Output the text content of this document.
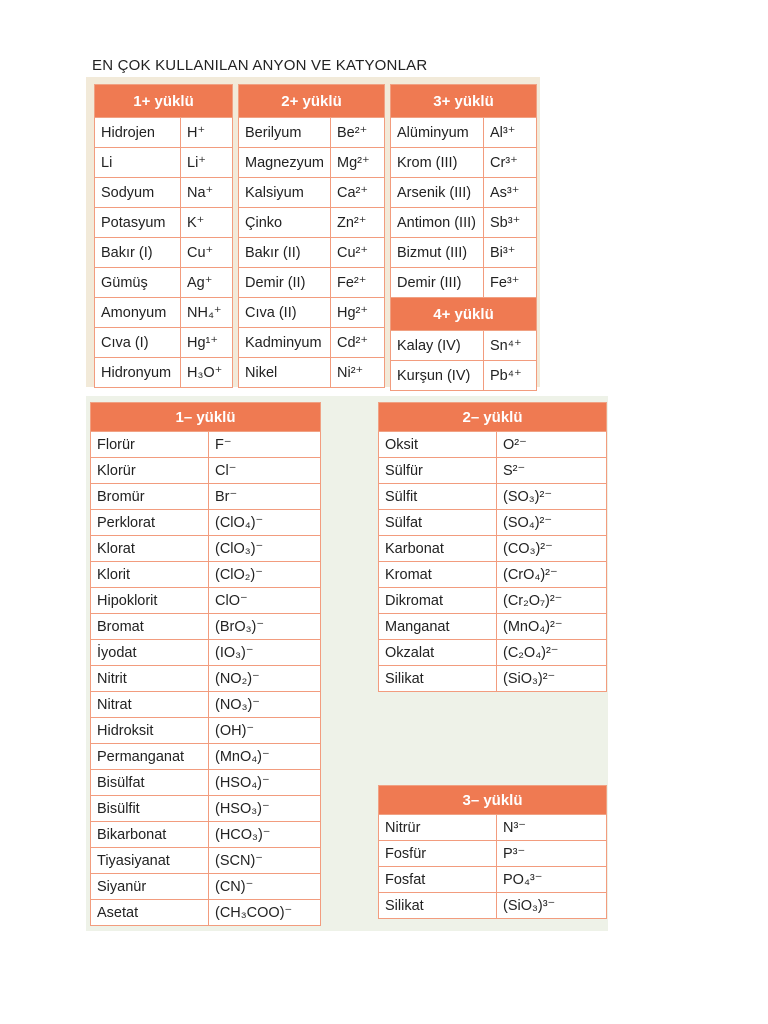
EN ÇOK KULLANILAN ANYON VE KATYONLAR
1+ yüklü	
Hidrojen	H⁺
Li	Li⁺
Sodyum	Na⁺
Potasyum	K⁺
Bakır (I)	Cu⁺
Gümüş	Ag⁺
Amonyum	NH₄⁺
Cıva (I)	Hg¹⁺
Hidronyum	H₃O⁺
2+ yüklü	
Berilyum	Be²⁺
Magnezyum	Mg²⁺
Kalsiyum	Ca²⁺
Çinko	Zn²⁺
Bakır (II)	Cu²⁺
Demir (II)	Fe²⁺
Cıva (II)	Hg²⁺
Kadminyum	Cd²⁺
Nikel	Ni²⁺
3+ yüklü	
Alüminyum	Al³⁺
Krom (III)	Cr³⁺
Arsenik (III)	As³⁺
Antimon (III)	Sb³⁺
Bizmut (III)	Bi³⁺
Demir (III)	Fe³⁺
4+ yüklü	
Kalay (IV)	Sn⁴⁺
Kurşun (IV)	Pb⁴⁺
1– yüklü	
Florür	F⁻
Klorür	Cl⁻
Bromür	Br⁻
Perklorat	(ClO₄)⁻
Klorat	(ClO₃)⁻
Klorit	(ClO₂)⁻
Hipoklorit	ClO⁻
Bromat	(BrO₃)⁻
İyodat	(IO₃)⁻
Nitrit	(NO₂)⁻
Nitrat	(NO₃)⁻
Hidroksit	(OH)⁻
Permanganat	(MnO₄)⁻
Bisülfat	(HSO₄)⁻
Bisülfit	(HSO₃)⁻
Bikarbonat	(HCO₃)⁻
Tiyasiyanat	(SCN)⁻
Siyanür	(CN)⁻
Asetat	(CH₃COO)⁻
2– yüklü	
Oksit	O²⁻
Sülfür	S²⁻
Sülfit	(SO₃)²⁻
Sülfat	(SO₄)²⁻
Karbonat	(CO₃)²⁻
Kromat	(CrO₄)²⁻
Dikromat	(Cr₂O₇)²⁻
Manganat	(MnO₄)²⁻
Okzalat	(C₂O₄)²⁻
Silikat	(SiO₃)²⁻
3– yüklü	
Nitrür	N³⁻
Fosfür	P³⁻
Fosfat	PO₄³⁻
Silikat	(SiO₃)³⁻
